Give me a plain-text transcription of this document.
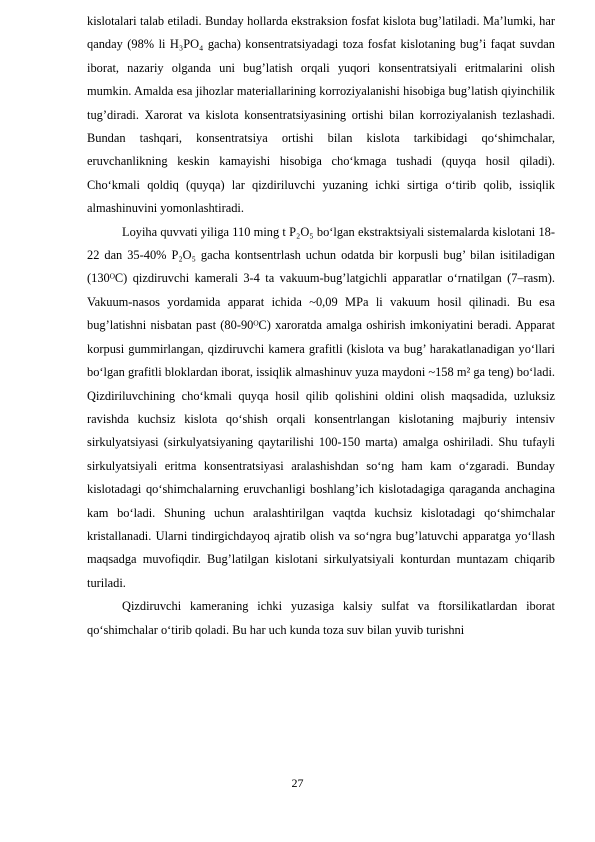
kislotalari talab etiladi. Bunday hollarda ekstraksion fosfat kislota bug’latiladi. Ma’lumki, har qanday (98% li H₃PO₄ gacha) konsentratsiyadagi toza fosfat kislotaning bug’i faqat suvdan iborat, nazariy olganda uni bug’latish orqali yuqori konsentratsiyali eritmalarini olish mumkin. Amalda esa jihozlar materiallarining korroziyalanishi hisobiga bug’latish qiyinchilik tug’diradi. Xarorat va kislota konsentratsiyasining ortishi bilan korroziyalanish tezlashadi. Bundan tashqari, konsentratsiya ortishi bilan kislota tarkibidagi qo‘shimchalar, eruvchanlikning keskin kamayishi hisobiga cho‘kmaga tushadi (quyqa hosil qiladi). Cho‘kmali qoldiq (quyqa) lar qizdiriluvchi yuzaning ichki sirtiga o‘tirib qolib, issiqlik almashinuvini yomonlashtiradi.

Loyiha quvvati yiliga 110 ming t P₂O₅ bo‘lgan ekstraktsiyali sistemalarda kislotani 18-22 dan 35-40% P₂O₅ gacha kontsentrlash uchun odatda bir korpusli bug’ bilan isitiladigan (130ᴼC) qizdiruvchi kamerali 3-4 ta vakuum-bug’latgichli apparatlar o‘rnatilgan (7–rasm). Vakuum-nasos yordamida apparat ichida ~0,09 MPa li vakuum hosil qilinadi. Bu esa bug’latishni nisbatan past (80-90ᴼC) xaroratda amalga oshirish imkoniyatini beradi. Apparat korpusi gummirlangan, qizdiruvchi kamera grafitli (kislota va bug’ harakatlanadigan yo‘llari bo‘lgan grafitli bloklardan iborat, issiqlik almashinuv yuza maydoni ~158 m² ga teng) bo‘ladi. Qizdiriluvchining cho‘kmali quyqa hosil qilib qolishini oldini olish maqsadida, uzluksiz ravishda kuchsiz kislota qo‘shish orqali konsentrlangan kislotaning majburiy intensiv sirkulyatsiyasi (sirkulyatsiyaning qaytarilishi 100-150 marta) amalga oshiriladi. Shu tufayli sirkulyatsiyali eritma konsentratsiyasi aralashishdan so‘ng ham kam o‘zgaradi. Bunday kislotadagi qo‘shimchalarning eruvchanligi boshlang’ich kislotadagiga qaraganda anchagina kam bo‘ladi. Shuning uchun aralashtirilgan vaqtda kuchsiz kislotadagi qo‘shimchalar kristallanadi. Ularni tindirgichdayoq ajratib olish va so‘ngra bug’latuvchi apparatga yo‘llash maqsadga muvofiqdir. Bug’latilgan kislotani sirkulyatsiyali konturdan muntazam chiqarib turiladi.

Qizdiruvchi kameraning ichki yuzasiga kalsiy sulfat va ftorsilikatlardan iborat qo‘shimchalar o‘tirib qoladi. Bu har uch kunda toza suv bilan yuvib turishni

27
